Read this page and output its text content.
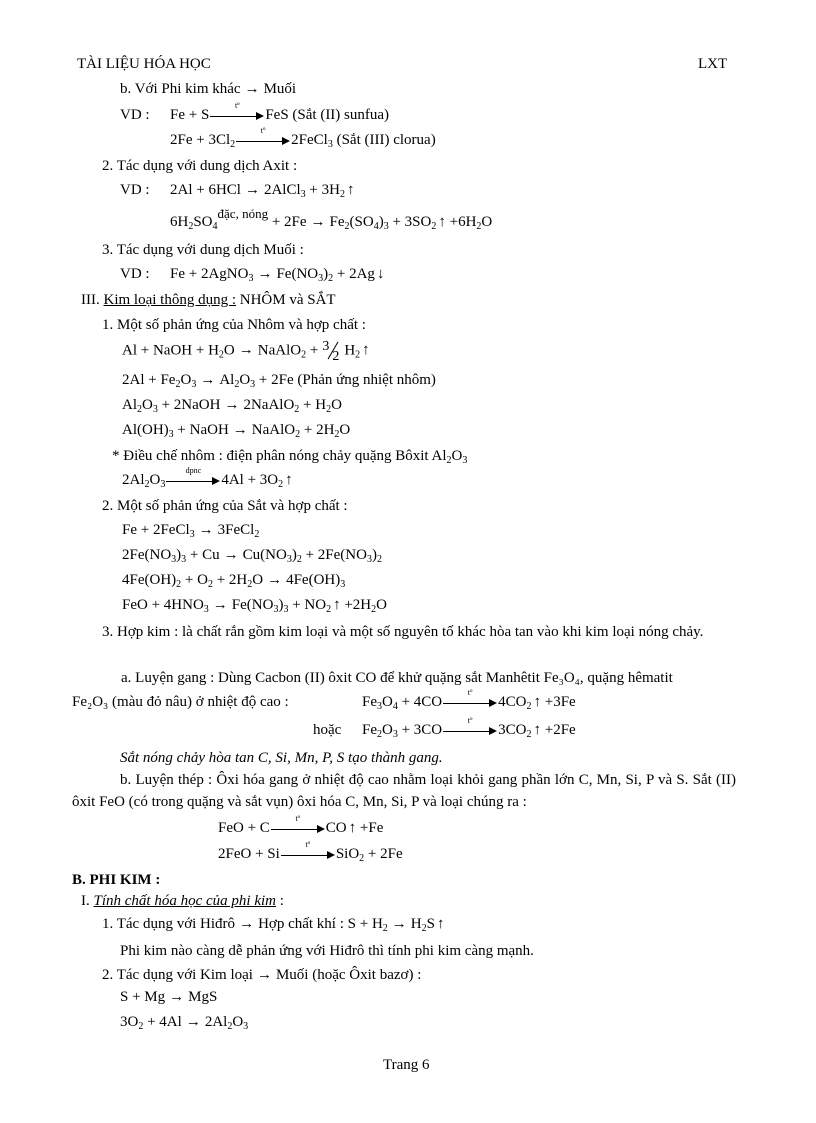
TÀI LIỆU HÓA HỌC	LXT
b. Với Phi kim khác → Muối
VD : Fe + S
tº
FeS (Sắt (II) sunfua)
$2Fe + 3Cl_2$
tº
2FeCl$_3$ (Sắt (III) clorua)
2. Tác dụng với dung dịch Axit :
VD : 2Al + 6HCl → 2AlCl$_3$ + $3H_2$ ↑
$6H_2SO_4^{đặc, nóng} + 2Fe \to Fe_2(SO_4)_3 + 3SO_2$ ↑ $+6H_2O$
3. Tác dụng với dung dịch Muối :
VD : Fe + 2AgNO$_3$ → $Fe(NO_3)_2 + 2Ag$ ↓
III. Kim loại thông dụng : NHÔM và SẮT
1. Một số phản ứng của Nhôm và hợp chất :
Al + NaOH + $H_2O$ → NaAlO$_2$ + 3
2 $H_2$ ↑
$2Al + Fe_2O_3 \to Al_2O_3 + 2Fe$ (Phản ứng nhiệt nhôm)
$Al_2O_3$ + 2NaOH → 2NaAlO$_2$ + $H_2O$
$Al(OH)_3$ + NaOH → NaAlO$_2$ + $2H_2O$
* Điều chế nhôm : điện phân nóng chảy quặng Bôxit $Al_2O_3$
$2Al_2O_3$
dpnc
$4Al + 3O_2$ ↑
2. Một số phản ứng của Sắt và hợp chất :
Fe + 2FeCl$_3$ → 3FeCl$_2$
$2Fe(NO_3)_3 + Cu \to Cu(NO_3)_2 + 2Fe(NO_3)_2$
$4Fe(OH)_2 + O_2 + 2H_2O \to 4Fe(OH)_3$
FeO + $4HNO_3 \to Fe(NO_3)_3 + NO_2$ ↑ $+2H_2O$
3. Hợp kim : là chất rắn gồm kim loại và một số nguyên tố khác hòa tan vào khi kim loại nóng chảy.
a. Luyện gang : Dùng Cacbon (II) ôxit CO để khử quặng sắt Manhêtit Fe₃O₄, quặng hêmatit
Fe₂O₃ (màu đỏ nâu) ở nhiệt độ cao :	$Fe_3O_4 + 4CO$
tº
$4CO_2$ ↑ +3Fe
hoặc $Fe_2O_3 + 3CO$
tº
$3CO_2$ ↑ +2Fe
Sắt nóng chảy hòa tan C, Si, Mn, P, S tạo thành gang.
b. Luyện thép : Ôxi hóa gang ở nhiệt độ cao nhằm loại khỏi gang phần lớn C, Mn, Si, P và S. Sắt (II) ôxit FeO (có trong quặng và sắt vụn) ôxi hóa C, Mn, Si, P và loại chúng ra :
FeO + C
tº
CO ↑ +Fe
2FeO + Si
tº
SiO$_2$ + 2Fe
B. PHI KIM :
I. Tính chất hóa học của phi kim :
1. Tác dụng với Hiđrô → Hợp chất khí : $S + H_2 \to H_2S$ ↑
Phi kim nào càng dễ phản ứng với Hiđrô thì tính phi kim càng mạnh.
2. Tác dụng với Kim loại → Muối (hoặc Ôxit bazơ) :
S + Mg → MgS
$3O_2 + 4Al \to 2Al_2O_3$
Trang 6
